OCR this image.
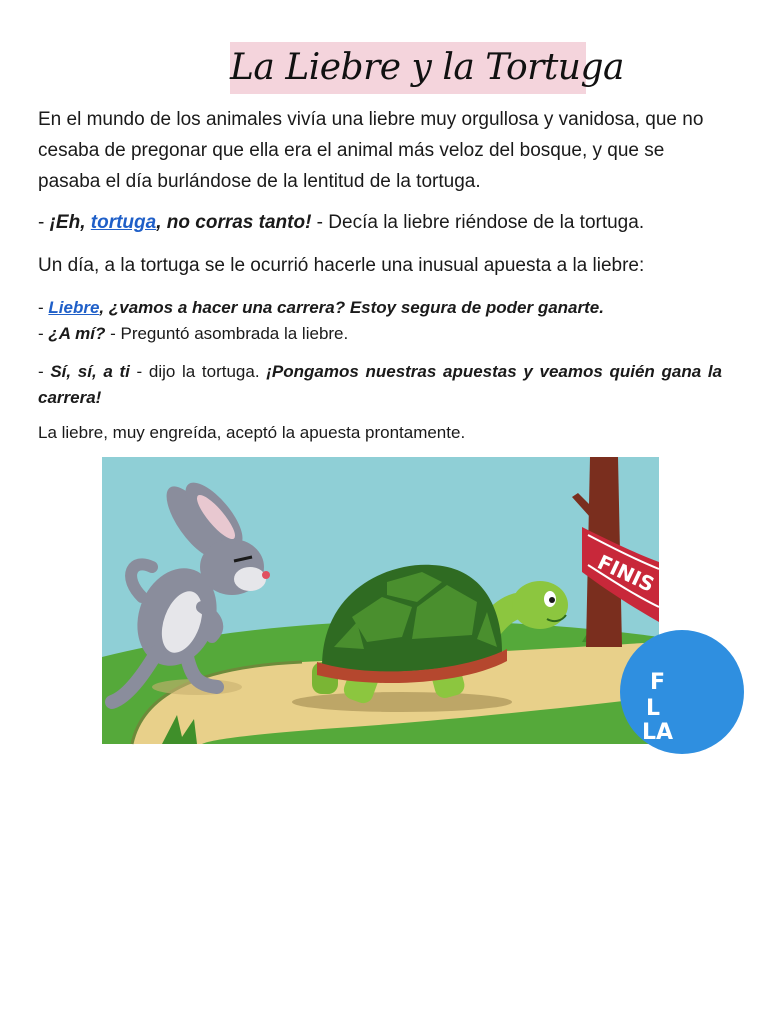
La Liebre y la Tortuga
En el mundo de los animales vivía una liebre muy orgullosa y vanidosa, que no cesaba de pregonar que ella era el animal más veloz del bosque, y que se pasaba el día burlándose de la lentitud de la tortuga.
- ¡Eh, tortuga, no corras tanto! - Decía la liebre riéndose de la tortuga.
Un día, a la tortuga se le ocurrió hacerle una inusual apuesta a la liebre:
- Liebre, ¿vamos a hacer una carrera? Estoy segura de poder ganarte.
- ¿A mí? - Preguntó asombrada la liebre.
- Sí, sí, a ti - dijo la tortuga. ¡Pongamos nuestras apuestas y veamos quién gana la carrera!
La liebre, muy engreída, aceptó la apuesta prontamente.
FINIS
F
L
LA
